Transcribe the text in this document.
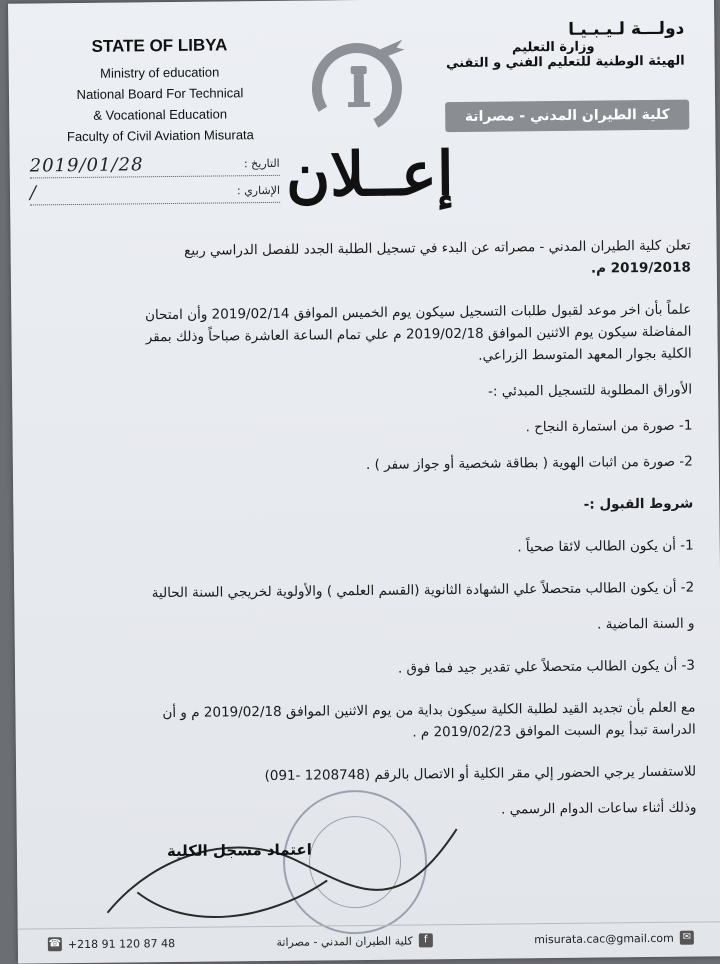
STATE OF LIBYA
Ministry of education
National Board For Technical
& Vocational Education
Faculty of Civil Aviation Misurata
دولـــة لـيـبـيـا
وزارة التعليم
الهيئة الوطنية للتعليم الفني و التقني
كلية الطيران المدني - مصراتة
2019/01/28	التاريخ :
/	الإشاري : إعــلان

تعلن كلية الطيران المدني - مصراته عن البدء في تسجيل الطلبة الجدد للفصل الدراسي ربيع

2019/2018 م.

علماً بأن اخر موعد لقبول طلبات التسجيل سيكون يوم الخميس الموافق 2019/02/14 وأن امتحان

المفاضلة سيكون يوم الاثنين الموافق 2019/02/18 م علي تمام الساعة العاشرة صباحاً وذلك بمقر

الكلية بجوار المعهد المتوسط الزراعي.

الأوراق المطلوبة للتسجيل المبدئي :-

1- صورة من استمارة النجاح .

2- صورة من اثبات الهوية ( بطاقة شخصية أو جواز سفر ) .

شروط القبول :-

1- أن يكون الطالب لائقا صحياً .

2- أن يكون الطالب متحصلاً علي الشهادة الثانوية (القسم العلمي ) والأولوية لخريجي السنة الحالية

و السنة الماضية .

3- أن يكون الطالب متحصلاً علي تقدير جيد فما فوق .

مع العلم بأن تجديد القيد لطلبة الكلية سيكون بداية من يوم الاثنين الموافق 2019/02/18 م و أن

الدراسة تبدأ يوم السبت الموافق 2019/02/23 م .

للاستفسار يرجي الحضور إلي مقر الكلية أو الاتصال بالرقم (1208748 -091)

وذلك أثناء ساعات الدوام الرسمي .

اعتماد مسجل الكلية
☎ +218 91 120 87 48	كلية الطيران المدني - مصراتة	f	misurata.cac@gmail.com ✉
